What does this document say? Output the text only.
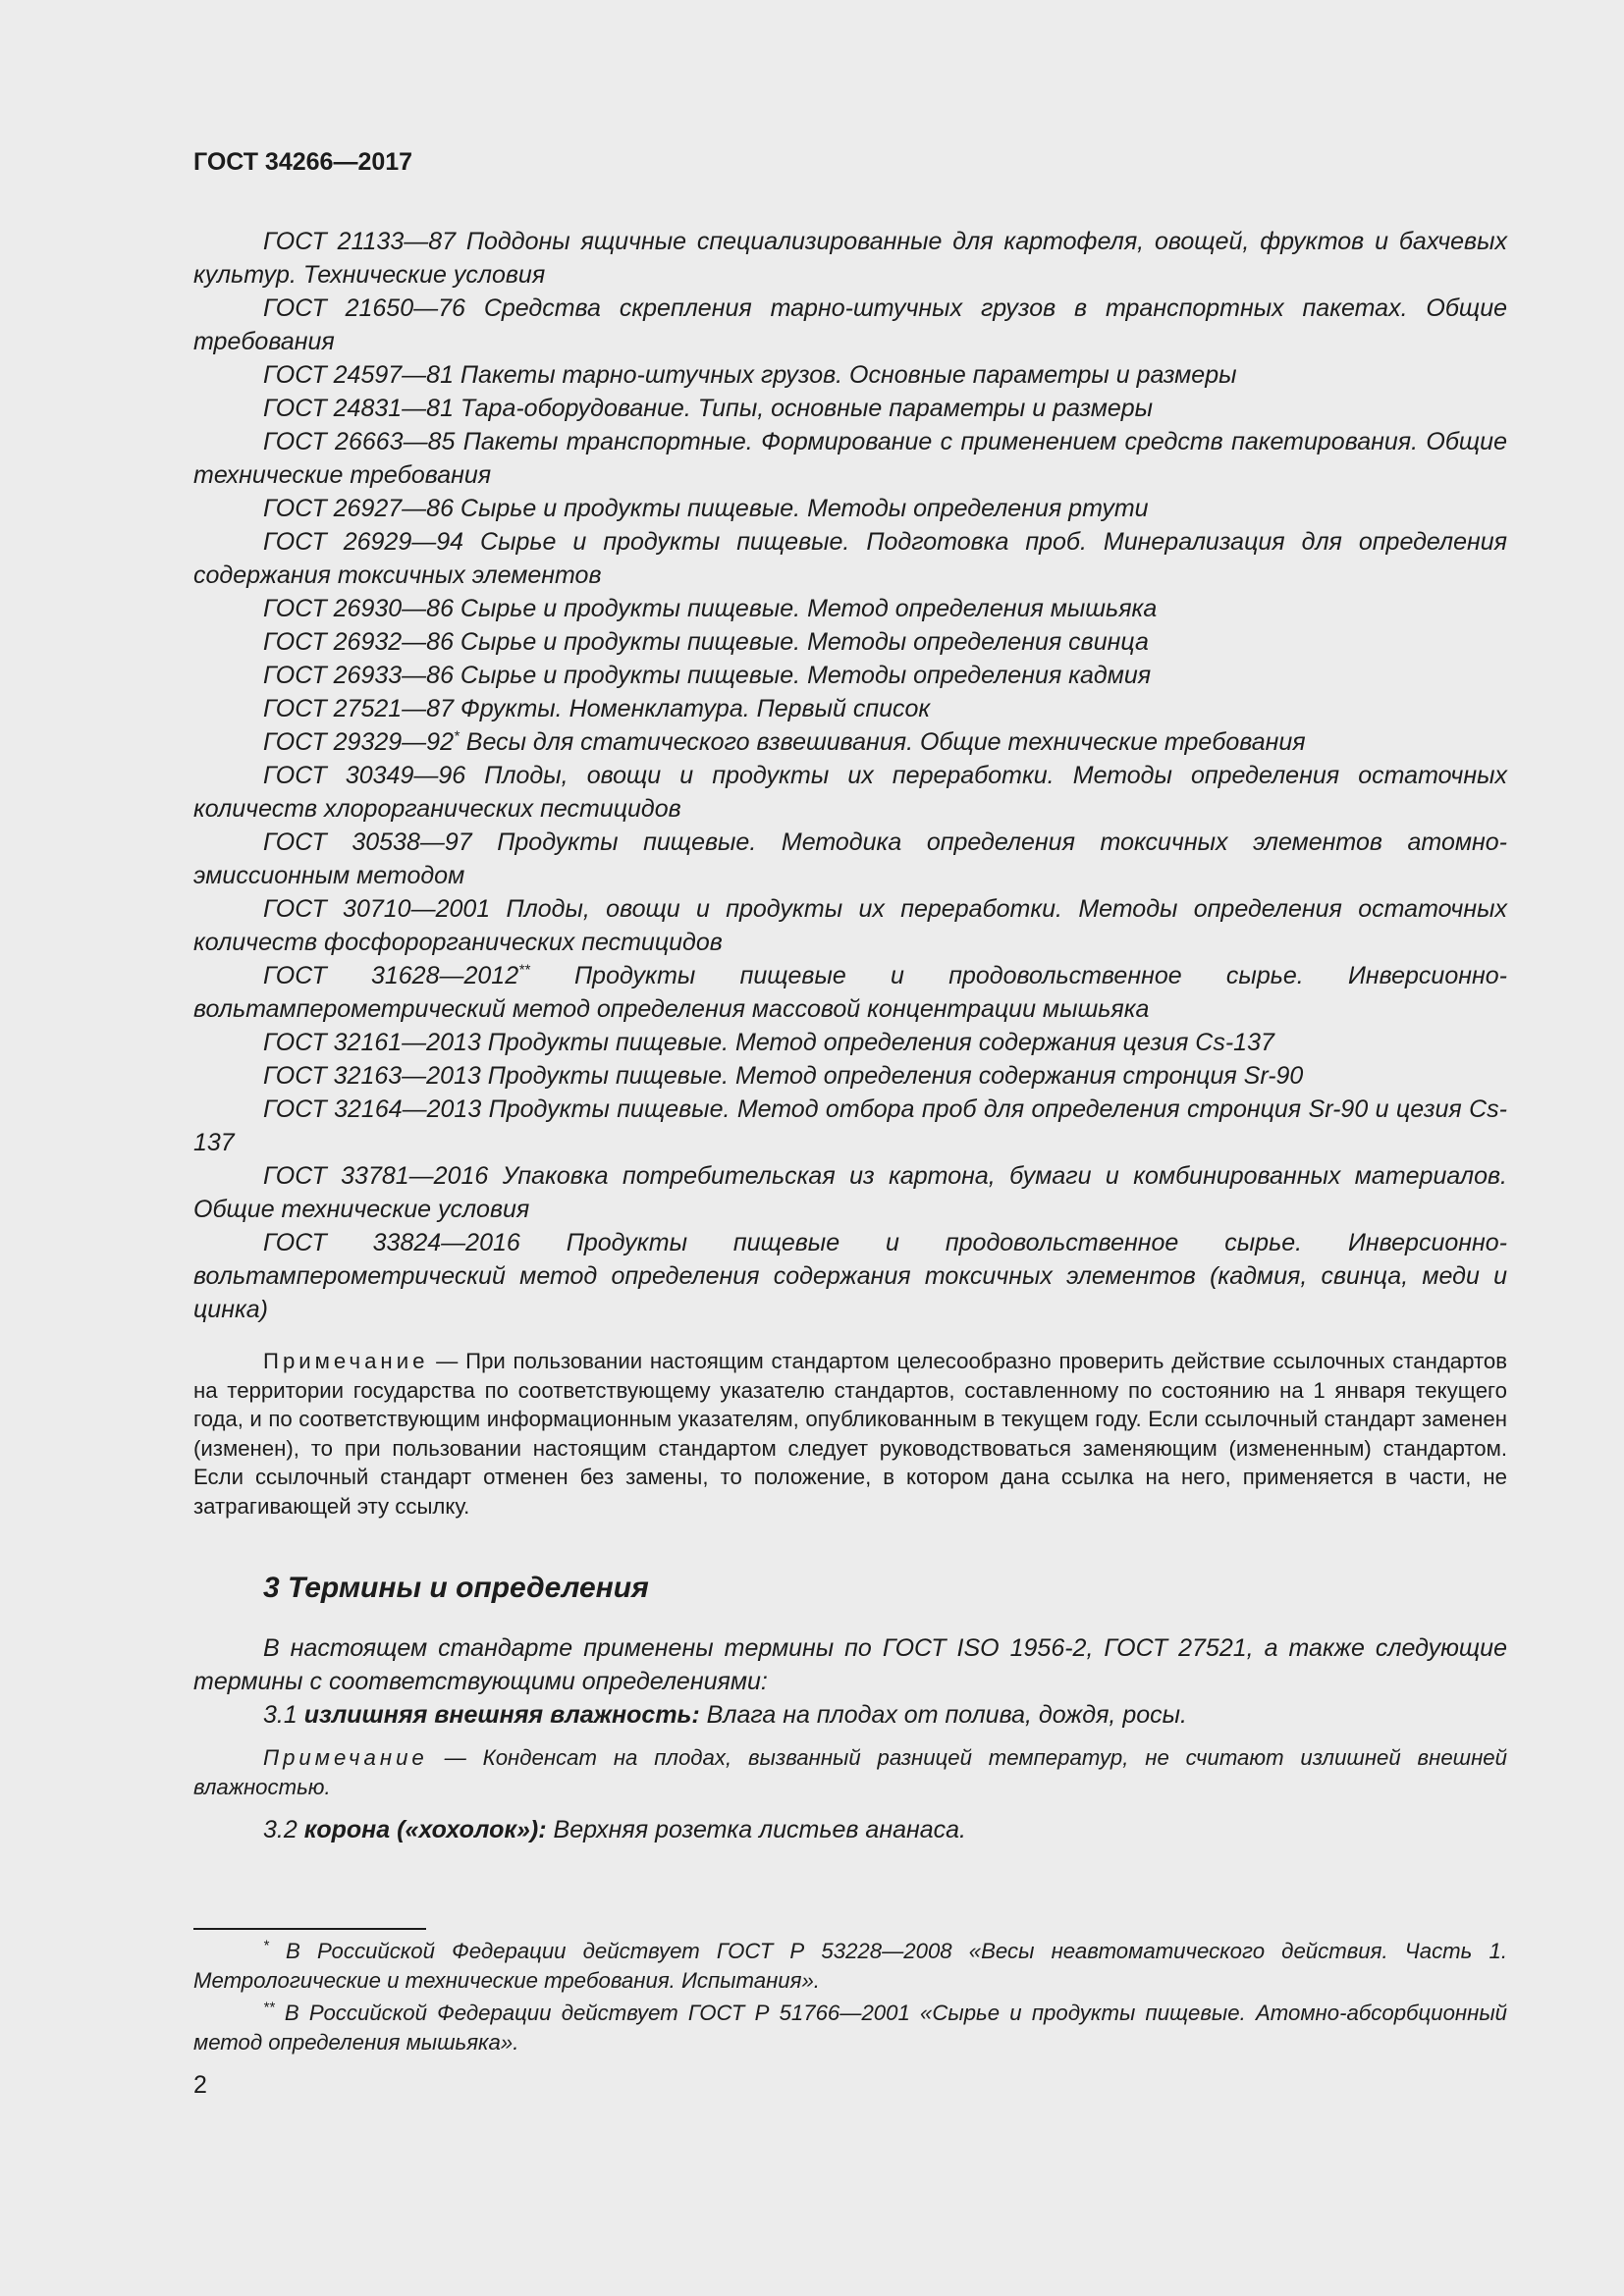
ГОСТ 34266—2017

ГОСТ 21133—87 Поддоны ящичные специализированные для картофеля, овощей, фруктов и бахчевых культур. Технические условия

ГОСТ 21650—76 Средства скрепления тарно-штучных грузов в транспортных пакетах. Общие требования

ГОСТ 24597—81 Пакеты тарно-штучных грузов. Основные параметры и размеры

ГОСТ 24831—81 Тара-оборудование. Типы, основные параметры и размеры

ГОСТ 26663—85 Пакеты транспортные. Формирование с применением средств пакетирования. Общие технические требования

ГОСТ 26927—86 Сырье и продукты пищевые. Методы определения ртути

ГОСТ 26929—94 Сырье и продукты пищевые. Подготовка проб. Минерализация для определения содержания токсичных элементов

ГОСТ 26930—86 Сырье и продукты пищевые. Метод определения мышьяка

ГОСТ 26932—86 Сырье и продукты пищевые. Методы определения свинца

ГОСТ 26933—86 Сырье и продукты пищевые. Методы определения кадмия

ГОСТ 27521—87 Фрукты. Номенклатура. Первый список

ГОСТ 29329—92* Весы для статического взвешивания. Общие технические требования

ГОСТ 30349—96 Плоды, овощи и продукты их переработки. Методы определения остаточных количеств хлорорганических пестицидов

ГОСТ 30538—97 Продукты пищевые. Методика определения токсичных элементов атомно-эмиссионным методом

ГОСТ 30710—2001 Плоды, овощи и продукты их переработки. Методы определения остаточных количеств фосфорорганических пестицидов

ГОСТ 31628—2012** Продукты пищевые и продовольственное сырье. Инверсионно-вольтамперометрический метод определения массовой концентрации мышьяка

ГОСТ 32161—2013 Продукты пищевые. Метод определения содержания цезия Cs-137

ГОСТ 32163—2013 Продукты пищевые. Метод определения содержания стронция Sr-90

ГОСТ 32164—2013 Продукты пищевые. Метод отбора проб для определения стронция Sr-90 и цезия Cs-137

ГОСТ 33781—2016 Упаковка потребительская из картона, бумаги и комбинированных материалов. Общие технические условия

ГОСТ 33824—2016 Продукты пищевые и продовольственное сырье. Инверсионно-вольтамперометрический метод определения содержания токсичных элементов (кадмия, свинца, меди и цинка)

Примечание — При пользовании настоящим стандартом целесообразно проверить действие ссылочных стандартов на территории государства по соответствующему указателю стандартов, составленному по состоянию на 1 января текущего года, и по соответствующим информационным указателям, опубликованным в текущем году. Если ссылочный стандарт заменен (изменен), то при пользовании настоящим стандартом следует руководствоваться заменяющим (измененным) стандартом. Если ссылочный стандарт отменен без замены, то положение, в котором дана ссылка на него, применяется в части, не затрагивающей эту ссылку.

3 Термины и определения

В настоящем стандарте применены термины по ГОСТ ISO 1956-2, ГОСТ 27521, а также следующие термины с соответствующими определениями:

3.1 излишняя внешняя влажность: Влага на плодах от полива, дождя, росы.

Примечание — Конденсат на плодах, вызванный разницей температур, не считают излишней внешней влажностью.

3.2 корона («хохолок»): Верхняя розетка листьев ананаса.

* В Российской Федерации действует ГОСТ Р 53228—2008 «Весы неавтоматического действия. Часть 1. Метрологические и технические требования. Испытания».

** В Российской Федерации действует ГОСТ Р 51766—2001 «Сырье и продукты пищевые. Атомно-абсорбционный метод определения мышьяка».

2
